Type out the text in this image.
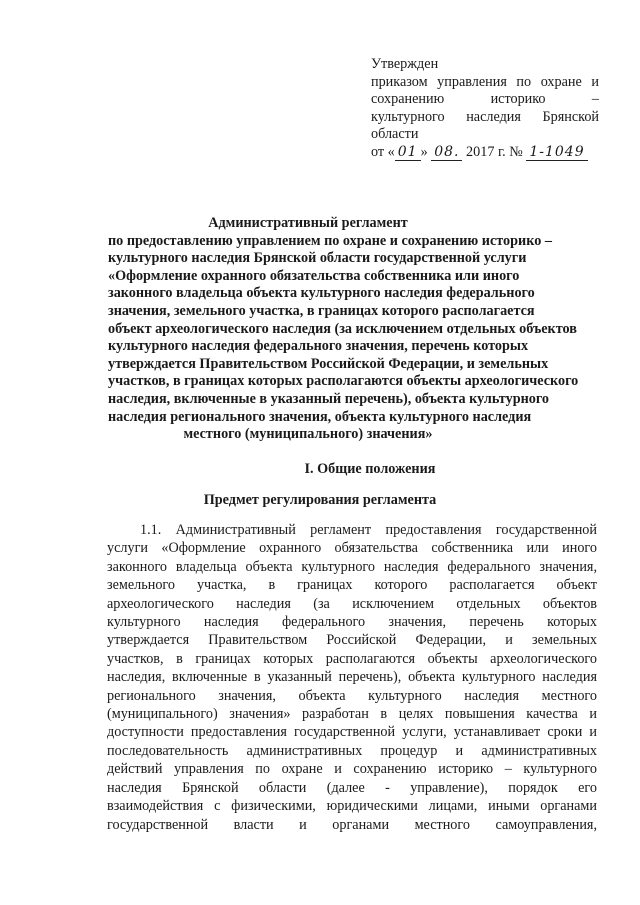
Утвержден
приказом управления по охране и
сохранению историко –
культурного наследия Брянской
области
от « 01 » 08. 2017 г. № 1-1049
Административный регламент
по предоставлению управлением по охране и сохранению историко –
культурного наследия Брянской области государственной услуги
«Оформление охранного обязательства собственника или иного
законного владельца объекта культурного наследия федерального
значения, земельного участка, в границах которого располагается
объект археологического наследия (за исключением отдельных объектов
культурного наследия федерального значения, перечень которых
утверждается Правительством Российской Федерации, и земельных
участков, в границах которых располагаются объекты археологического
наследия, включенные в указанный перечень), объекта культурного
наследия регионального значения, объекта культурного наследия
местного (муниципального) значения»
I. Общие положения
Предмет регулирования регламента
1.1. Административный регламент предоставления государственной
услуги «Оформление охранного обязательства собственника или иного
законного владельца объекта культурного наследия федерального значения,
земельного участка, в границах которого располагается объект
археологического наследия (за исключением отдельных объектов
культурного наследия федерального значения, перечень которых
утверждается Правительством Российской Федерации, и земельных
участков, в границах которых располагаются объекты археологического
наследия, включенные в указанный перечень), объекта культурного наследия
регионального значения, объекта культурного наследия местного
(муниципального) значения» разработан в целях повышения качества и
доступности предоставления государственной услуги, устанавливает сроки и
последовательность административных процедур и административных
действий управления по охране и сохранению историко – культурного
наследия Брянской области (далее - управление), порядок его
взаимодействия с физическими, юридическими лицами, иными органами
государственной власти и органами местного самоуправления,
